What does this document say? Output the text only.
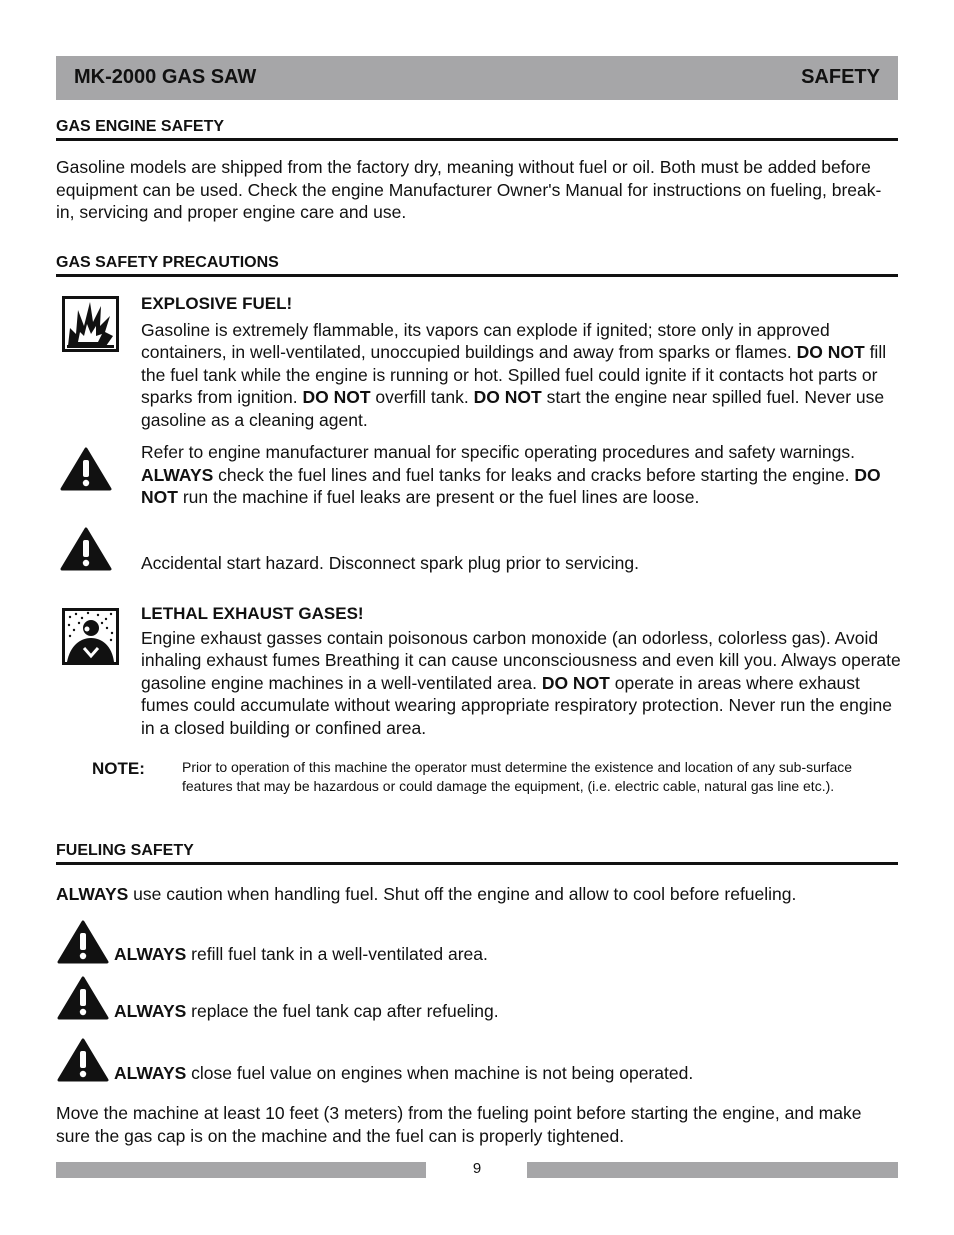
MK-2000 GAS SAW	SAFETY
GAS ENGINE SAFETY
Gasoline models are shipped from the factory dry, meaning without fuel or oil. Both must be added before equipment can be used. Check the engine Manufacturer Owner's Manual for instructions on fueling, break-in, servicing and proper engine care and use.
GAS SAFETY PRECAUTIONS
EXPLOSIVE FUEL!
Gasoline is extremely flammable, its vapors can explode if ignited; store only in approved containers, in well-ventilated, unoccupied buildings and away from sparks or flames. DO NOT fill the fuel tank while the engine is running or hot. Spilled fuel could ignite if it contacts hot parts or sparks from ignition. DO NOT overfill tank. DO NOT start the engine near spilled fuel. Never use gasoline as a cleaning agent.
Refer to engine manufacturer manual for specific operating procedures and safety warnings. ALWAYS check the fuel lines and fuel tanks for leaks and cracks before starting the engine. DO NOT run the machine if fuel leaks are present or the fuel lines are loose.
Accidental start hazard. Disconnect spark plug prior to servicing.
LETHAL EXHAUST GASES!
Engine exhaust gasses contain poisonous carbon monoxide (an odorless, colorless gas). Avoid inhaling exhaust fumes Breathing it can cause unconsciousness and even kill you. Always operate gasoline engine machines in a well-ventilated area. DO NOT operate in areas where exhaust fumes could accumulate without wearing appropriate respiratory protection. Never run the engine in a closed building or confined area.
NOTE:	Prior to operation of this machine the operator must determine the existence and location of any sub-surface features that may be hazardous or could damage the equipment, (i.e. electric cable, natural gas line etc.).
FUELING SAFETY
ALWAYS use caution when handling fuel. Shut off the engine and allow to cool before refueling.
ALWAYS refill fuel tank in a well-ventilated area.
ALWAYS replace the fuel tank cap after refueling.
ALWAYS close fuel value on engines when machine is not being operated.
Move the machine at least 10 feet (3 meters) from the fueling point before starting the engine, and make sure the gas cap is on the machine and the fuel can is properly tightened.
9
